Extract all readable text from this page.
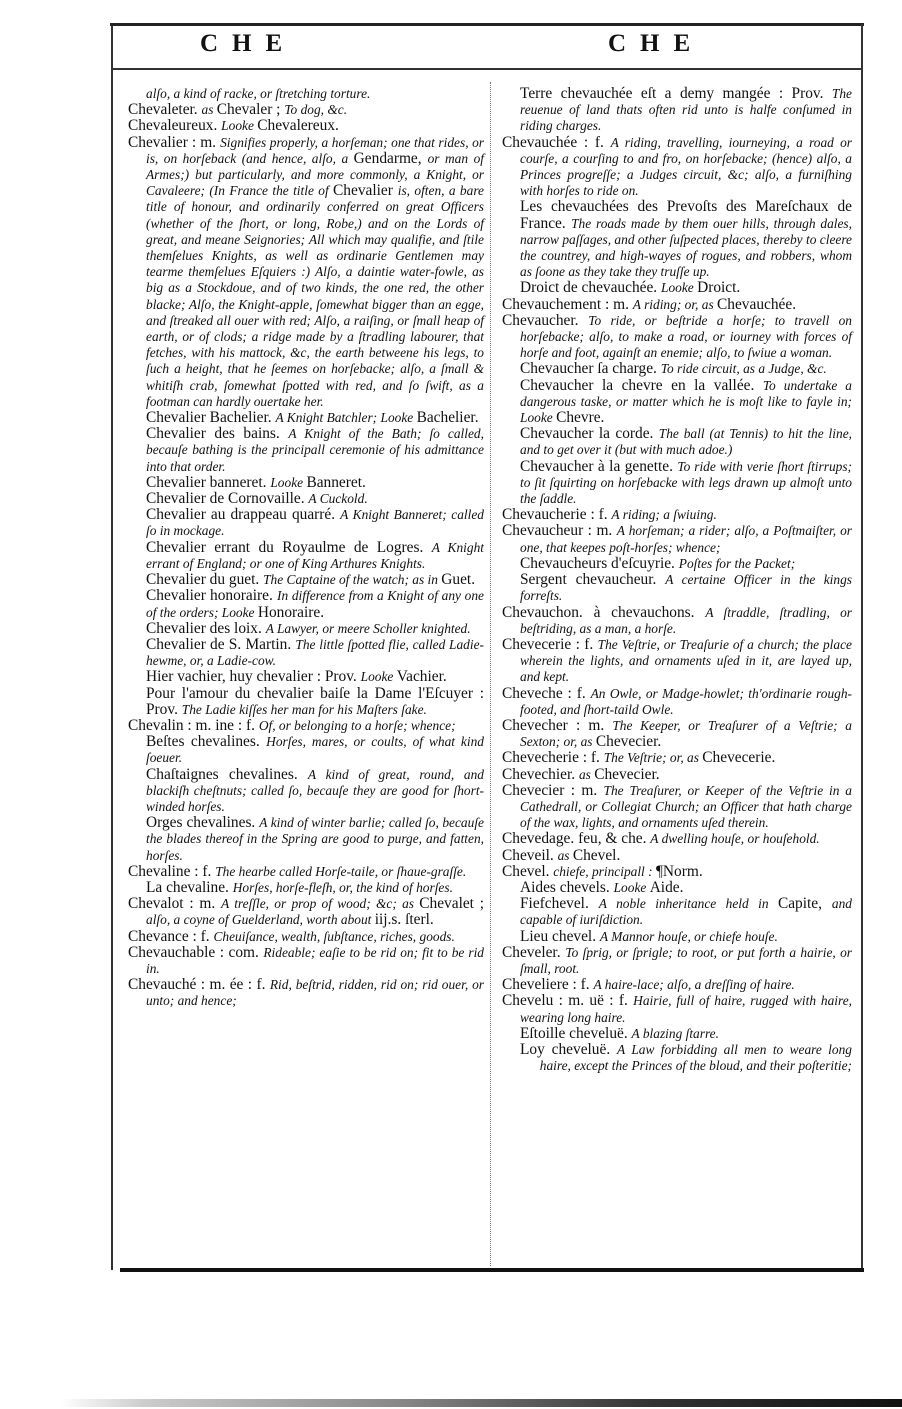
CHE	CHE
alſo, a kind of racke, or ſtretching torture.
Chevaleter. as Chevaler ; To dog, &c.
Chevaleureux. Looke Chevalereux.
Chevalier : m. Signifies properly, a horſeman; one that rides, or is, on horſeback (and hence, alſo, a Gendarme, or man of Armes;) but particularly, and more commonly, a Knight, or Cavaleere; (In France the title of Chevalier is, often, a bare title of honour, and ordinarily conferred on great Officers (whether of the ſhort, or long, Robe,) and on the Lords of great, and meane Seignories; All which may qualifie, and ſtile themſelues Knights, as well as ordinarie Gentlemen may tearme themſelues Eſquiers :) Alſo, a daintie water-fowle, as big as a Stockdoue, and of two kinds, the one red, the other blacke; Alſo, the Knight-apple, ſomewhat bigger than an egge, and ſtreaked all ouer with red; Alſo, a raiſing, or ſmall heap of earth, or of clods; a ridge made by a ſtradling labourer, that fetches, with his mattock, &c, the earth betweene his legs, to ſuch a height, that he ſeemes on horſebacke; alſo, a ſmall & whitiſh crab, ſomewhat ſpotted with red, and ſo ſwift, as a footman can hardly ouertake her.
Chevalier Bachelier. A Knight Batchler; Looke Bachelier.
Chevalier des bains. A Knight of the Bath; ſo called, becauſe bathing is the principall ceremonie of his admittance into that order.
Chevalier banneret. Looke Banneret.
Chevalier de Cornovaille. A Cuckold.
Chevalier au drappeau quarré. A Knight Banneret; called ſo in mockage.
Chevalier errant du Royaulme de Logres. A Knight errant of England; or one of King Arthures Knights.
Chevalier du guet. The Captaine of the watch; as in Guet.
Chevalier honoraire. In difference from a Knight of any one of the orders; Looke Honoraire.
Chevalier des loix. A Lawyer, or meere Scholler knighted.
Chevalier de S. Martin. The little ſpotted flie, called Ladie-hewme, or, a Ladie-cow.
Hier vachier, huy chevalier : Prov. Looke Vachier.
Pour l'amour du chevalier baiſe la Dame l'Eſcuyer : Prov. The Ladie kiſſes her man for his Maſters ſake.
Chevalin : m. ine : f. Of, or belonging to a horſe; whence;
Beſtes chevalines. Horſes, mares, or coults, of what kind ſoeuer.
Chaſtaignes chevalines. A kind of great, round, and blackiſh cheſtnuts; called ſo, becauſe they are good for ſhort-winded horſes.
Orges chevalines. A kind of winter barlie; called ſo, becauſe the blades thereof in the Spring are good to purge, and fatten, horſes.
Chevaline : f. The hearbe called Horſe-taile, or ſhaue-graſſe.
La chevaline. Horſes, horſe-fleſh, or, the kind of horſes.
Chevalot : m. A treſſle, or prop of wood; &c; as Chevalet ; alſo, a coyne of Guelderland, worth about iij.s. ſterl.
Chevance : f. Cheuiſance, wealth, ſubſtance, riches, goods.
Chevauchable : com. Rideable; eaſie to be rid on; fit to be rid in.
Chevauché : m. ée : f. Rid, beſtrid, ridden, rid on; rid ouer, or unto; and hence;
Terre chevauchée eſt a demy mangée : Prov. The reuenue of land thats often rid unto is halfe conſumed in riding charges.
Chevauchée : f. A riding, travelling, iourneying, a road or courſe, a courſing to and fro, on horſebacke; (hence) alſo, a Princes progreſſe; a Judges circuit, &c; alſo, a furniſhing with horſes to ride on.
Les chevauchées des Prevoſts des Mareſchaux de France. The roads made by them ouer hills, through dales, narrow paſſages, and other ſuſpected places, thereby to cleere the countrey, and high-wayes of rogues, and robbers, whom as ſoone as they take they truſſe up.
Droict de chevauchée. Looke Droict.
Chevauchement : m. A riding; or, as Chevauchée.
Chevaucher. To ride, or beſtride a horſe; to travell on horſebacke; alſo, to make a road, or iourney with forces of horſe and foot, againſt an enemie; alſo, to ſwiue a woman.
Chevaucher ſa charge. To ride circuit, as a Judge, &c.
Chevaucher la chevre en la vallée. To undertake a dangerous taske, or matter which he is moſt like to fayle in; Looke Chevre.
Chevaucher la corde. The ball (at Tennis) to hit the line, and to get over it (but with much adoe.)
Chevaucher à la genette. To ride with verie ſhort ſtirrups; to ſit ſquirting on horſebacke with legs drawn up almoſt unto the ſaddle.
Chevaucherie : f. A riding; a ſwiuing.
Chevaucheur : m. A horſeman; a rider; alſo, a Poſtmaiſter, or one, that keepes poſt-horſes; whence;
Chevaucheurs d'eſcuyrie. Poſtes for the Packet;
Sergent chevaucheur. A certaine Officer in the kings forreſts.
Chevauchon. à chevauchons. A ſtraddle, ſtradling, or beſtriding, as a man, a horſe.
Chevecerie : f. The Veſtrie, or Treaſurie of a church; the place wherein the lights, and ornaments uſed in it, are layed up, and kept.
Cheveche : f. An Owle, or Madge-howlet; th'ordinarie rough-footed, and ſhort-taild Owle.
Chevecher : m. The Keeper, or Treaſurer of a Veſtrie; a Sexton; or, as Chevecier.
Chevecherie : f. The Veſtrie; or, as Chevecerie.
Chevechier. as Chevecier.
Chevecier : m. The Treaſurer, or Keeper of the Veſtrie in a Cathedrall, or Collegiat Church; an Officer that hath charge of the wax, lights, and ornaments uſed therein.
Chevedage. feu, & che. A dwelling houſe, or houſehold.
Cheveil. as Chevel.
Chevel. chiefe, principall : ¶Norm.
Aides chevels. Looke Aide.
Fiefchevel. A noble inheritance held in Capite, and capable of iuriſdiction.
Lieu chevel. A Mannor houſe, or chiefe houſe.
Cheveler. To ſprig, or ſprigle; to root, or put forth a hairie, or ſmall, root.
Cheveliere : f. A haire-lace; alſo, a dreſſing of haire.
Chevelu : m. uë : f. Hairie, full of haire, rugged with haire, wearing long haire.
Eſtoille cheveluë. A blazing ſtarre.
Loy cheveluë. A Law forbidding all men to weare long haire, except the Princes of the bloud, and their poſteritie;
